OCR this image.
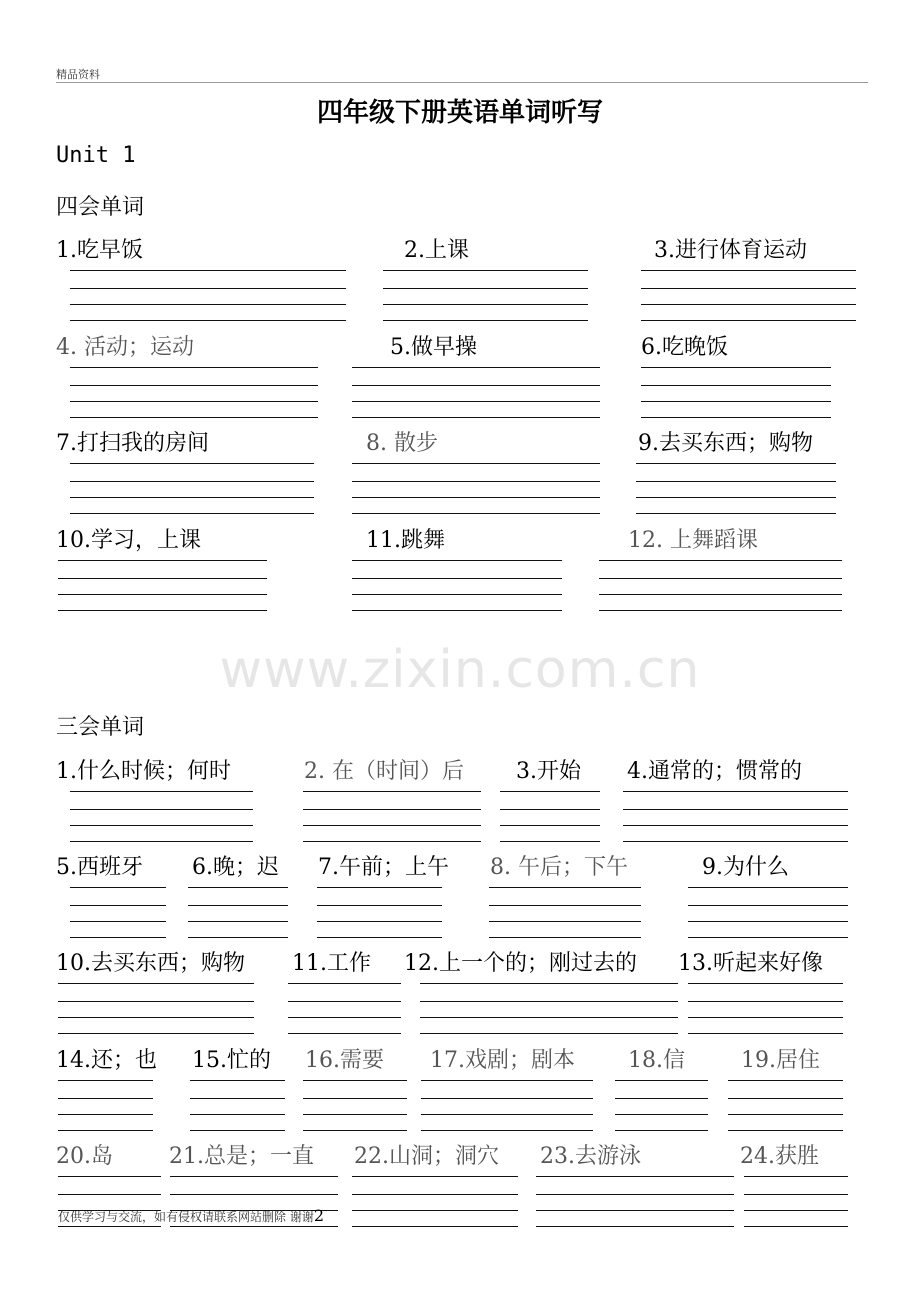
精品资料
四年级下册英语单词听写
Unit 1
四会单词
三会单词
www.zixin.com.cn
1.吃早饭	2.上课	3.进行体育运动
4. 活动；运动	5.做早操	6.吃晚饭
7.打扫我的房间	8. 散步	9.去买东西；购物
10.学习，上课	11.跳舞	12. 上舞蹈课
1.什么时候；何时	2. 在（时间）后 3.开始 4.通常的；惯常的
5.西班牙 6.晚；迟 7.午前；上午 8. 午后；下午	9.为什么
10.去买东西；购物 11.工作 12.上一个的；刚过去的 13.听起来好像
14.还；也 15.忙的 16.需要 17.戏剧；剧本 18.信	19.居住
20.岛	21.总是；一直 22.山洞；洞穴 23.去游泳	24.获胜
仅供学习与交流，如有侵权请联系网站删除 谢谢2
